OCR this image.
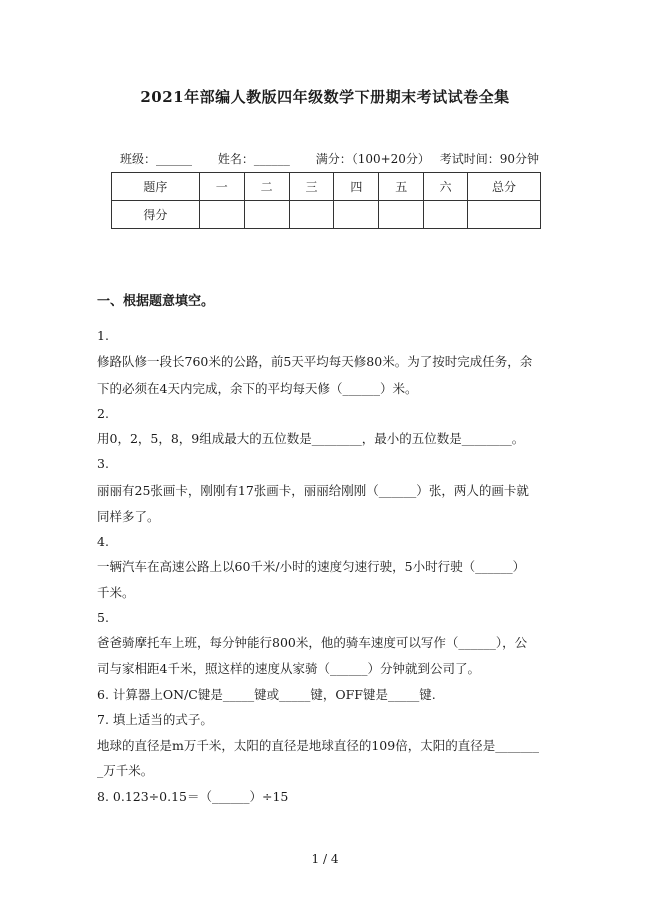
2021年部编人教版四年级数学下册期末考试试卷全集
班级：______ 姓名：______ 满分：（100+20分） 考试时间：90分钟
题序	一	二	三	四	五	六	总分
得分							
一、根据题意填空。
1.
修路队修一段长760米的公路，前5天平均每天修80米。为了按时完成任务，余
下的必须在4天内完成，余下的平均每天修（______）米。
2.
用0，2，5，8，9组成最大的五位数是________，最小的五位数是________。
3.
丽丽有25张画卡，刚刚有17张画卡，丽丽给刚刚（______）张，两人的画卡就
同样多了。
4.
一辆汽车在高速公路上以60千米/小时的速度匀速行驶，5小时行驶（______）
千米。
5.
爸爸骑摩托车上班，每分钟能行800米，他的骑车速度可以写作（______），公
司与家相距4千米，照这样的速度从家骑（______）分钟就到公司了。
6. 计算器上ON/C键是_____键或_____键，OFF键是_____键.
7. 填上适当的式子。
地球的直径是m万千米，太阳的直径是地球直径的109倍，太阳的直径是_______
_万千米。
8. 0.123÷0.15＝（______）÷15
1 / 4
